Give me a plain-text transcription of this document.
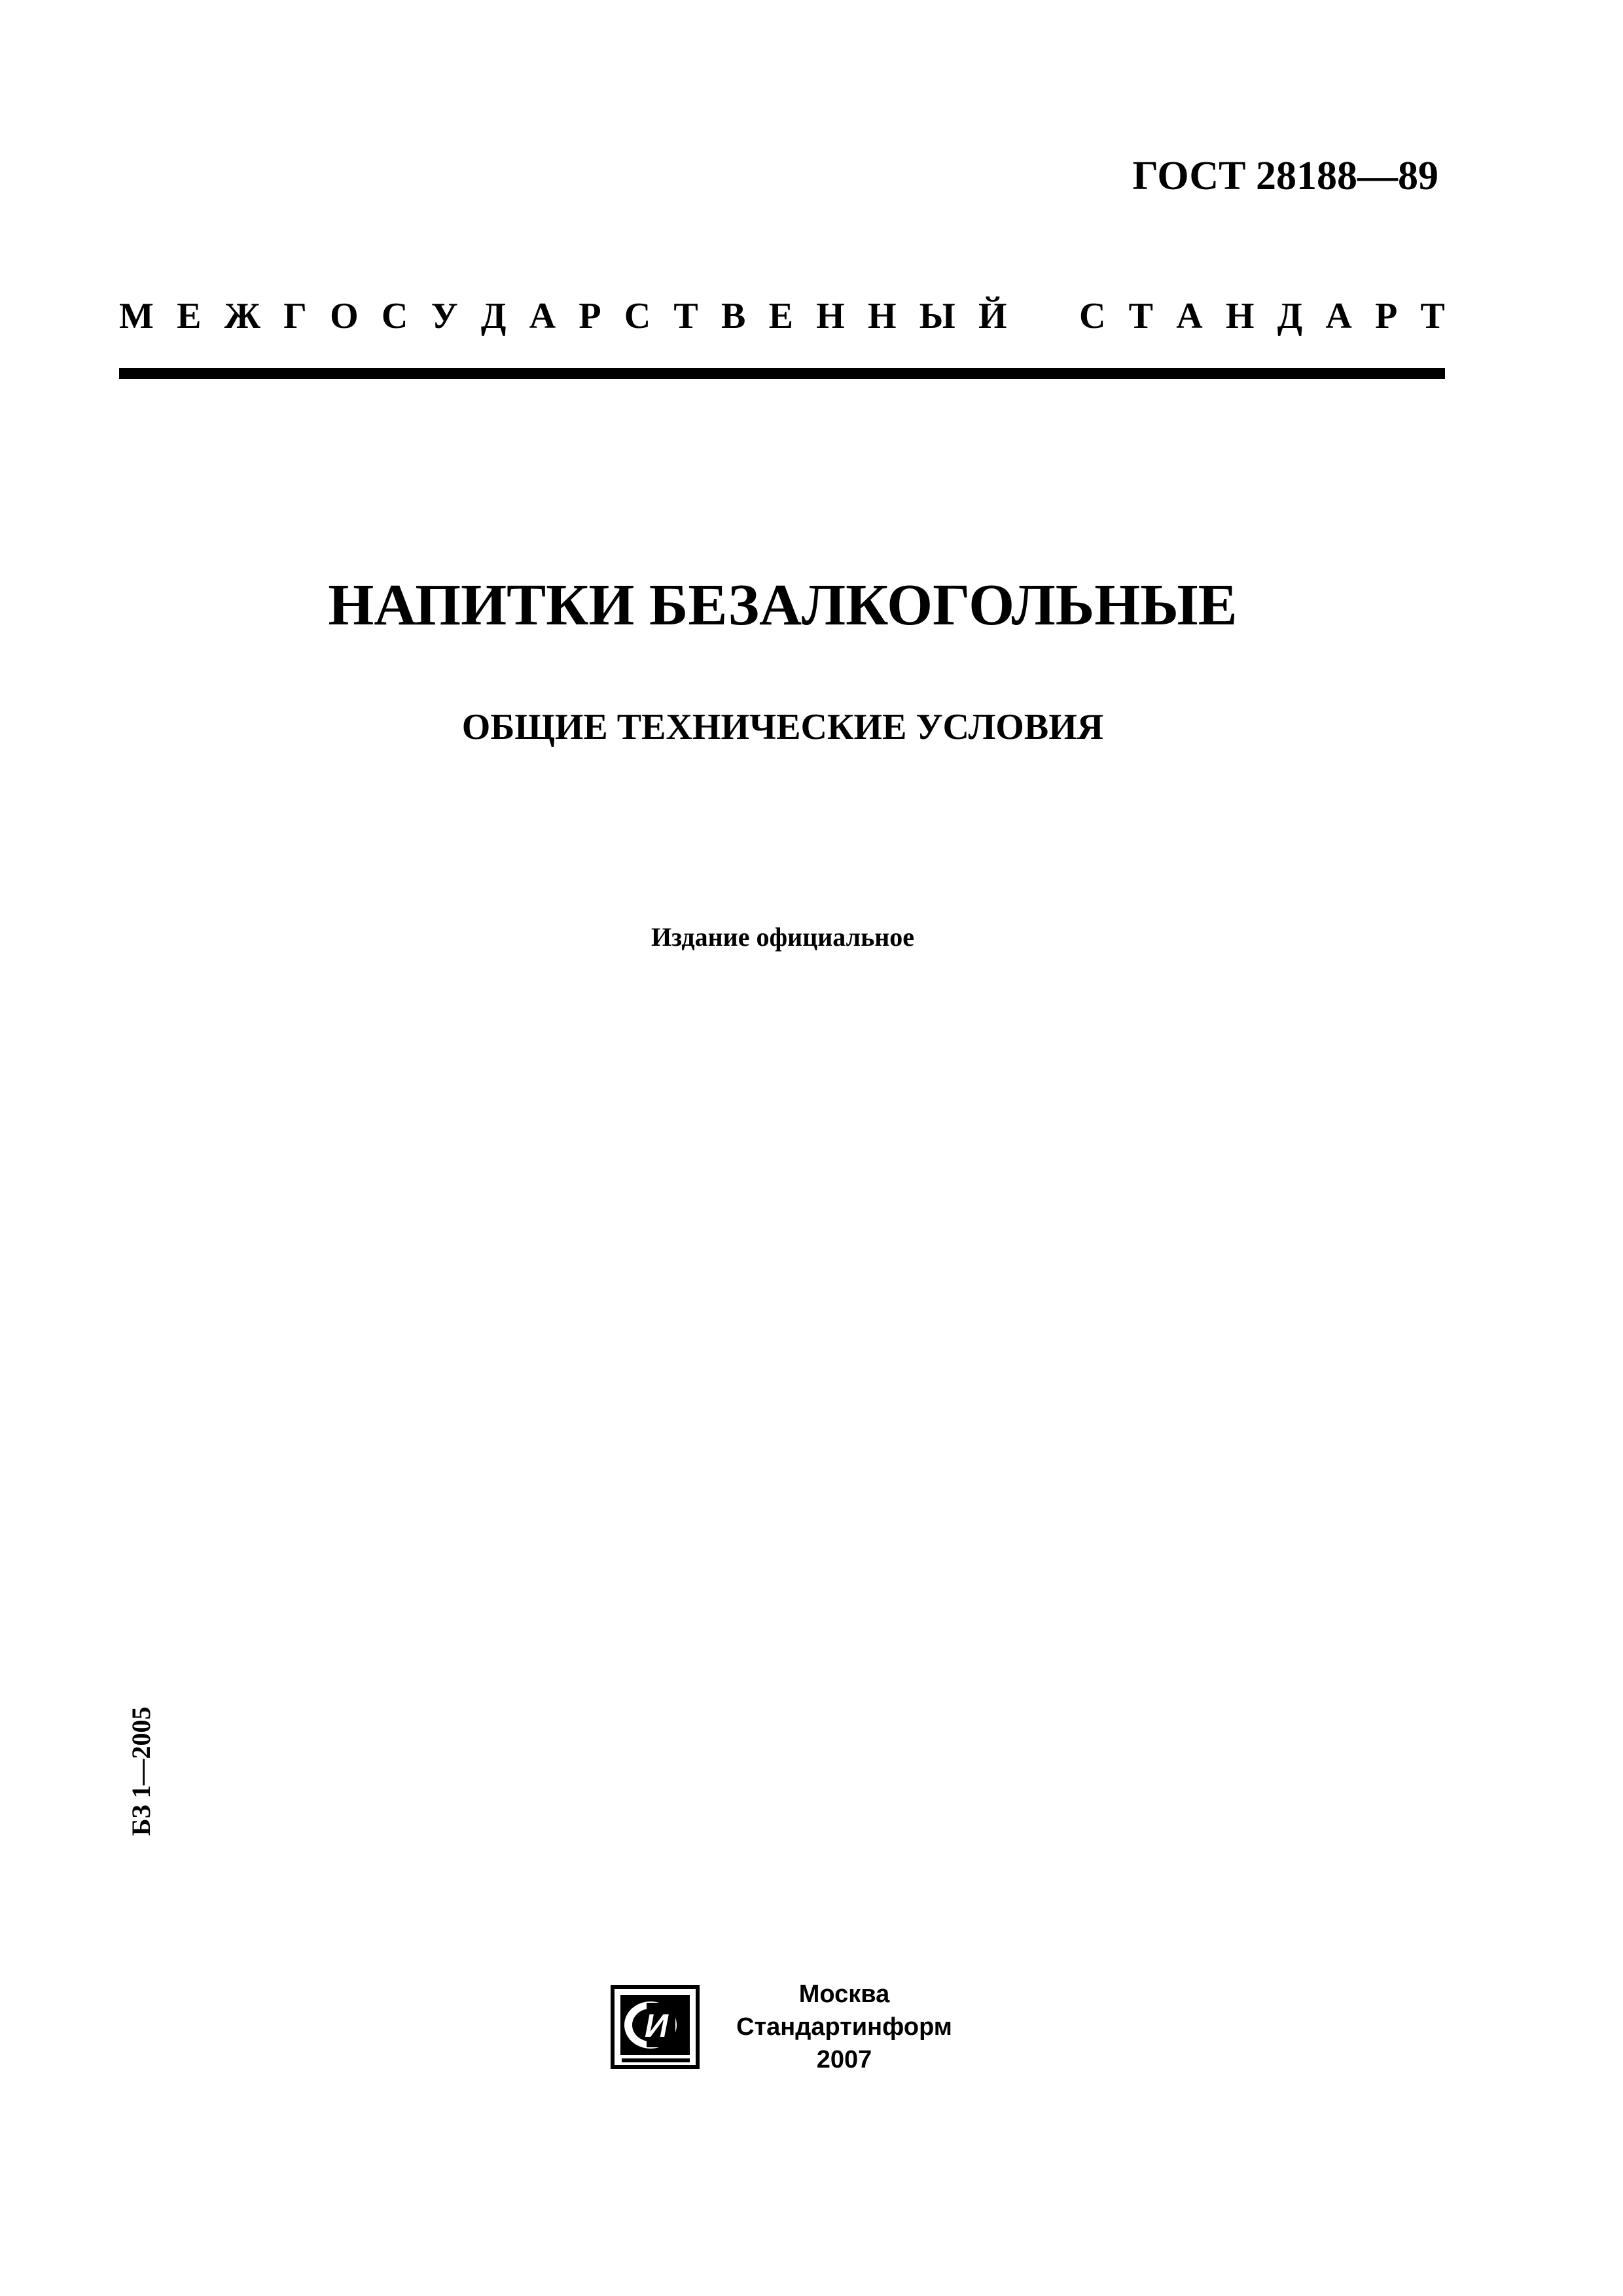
ГОСТ 28188—89
М Е Ж Г О С У Д А Р С Т В Е Н Н Ы Й С Т А Н Д А Р Т
НАПИТКИ БЕЗАЛКОГОЛЬНЫЕ
ОБЩИЕ ТЕХНИЧЕСКИЕ УСЛОВИЯ
Издание официальное
БЗ 1—2005
И
Москва
Стандартинформ
2007
